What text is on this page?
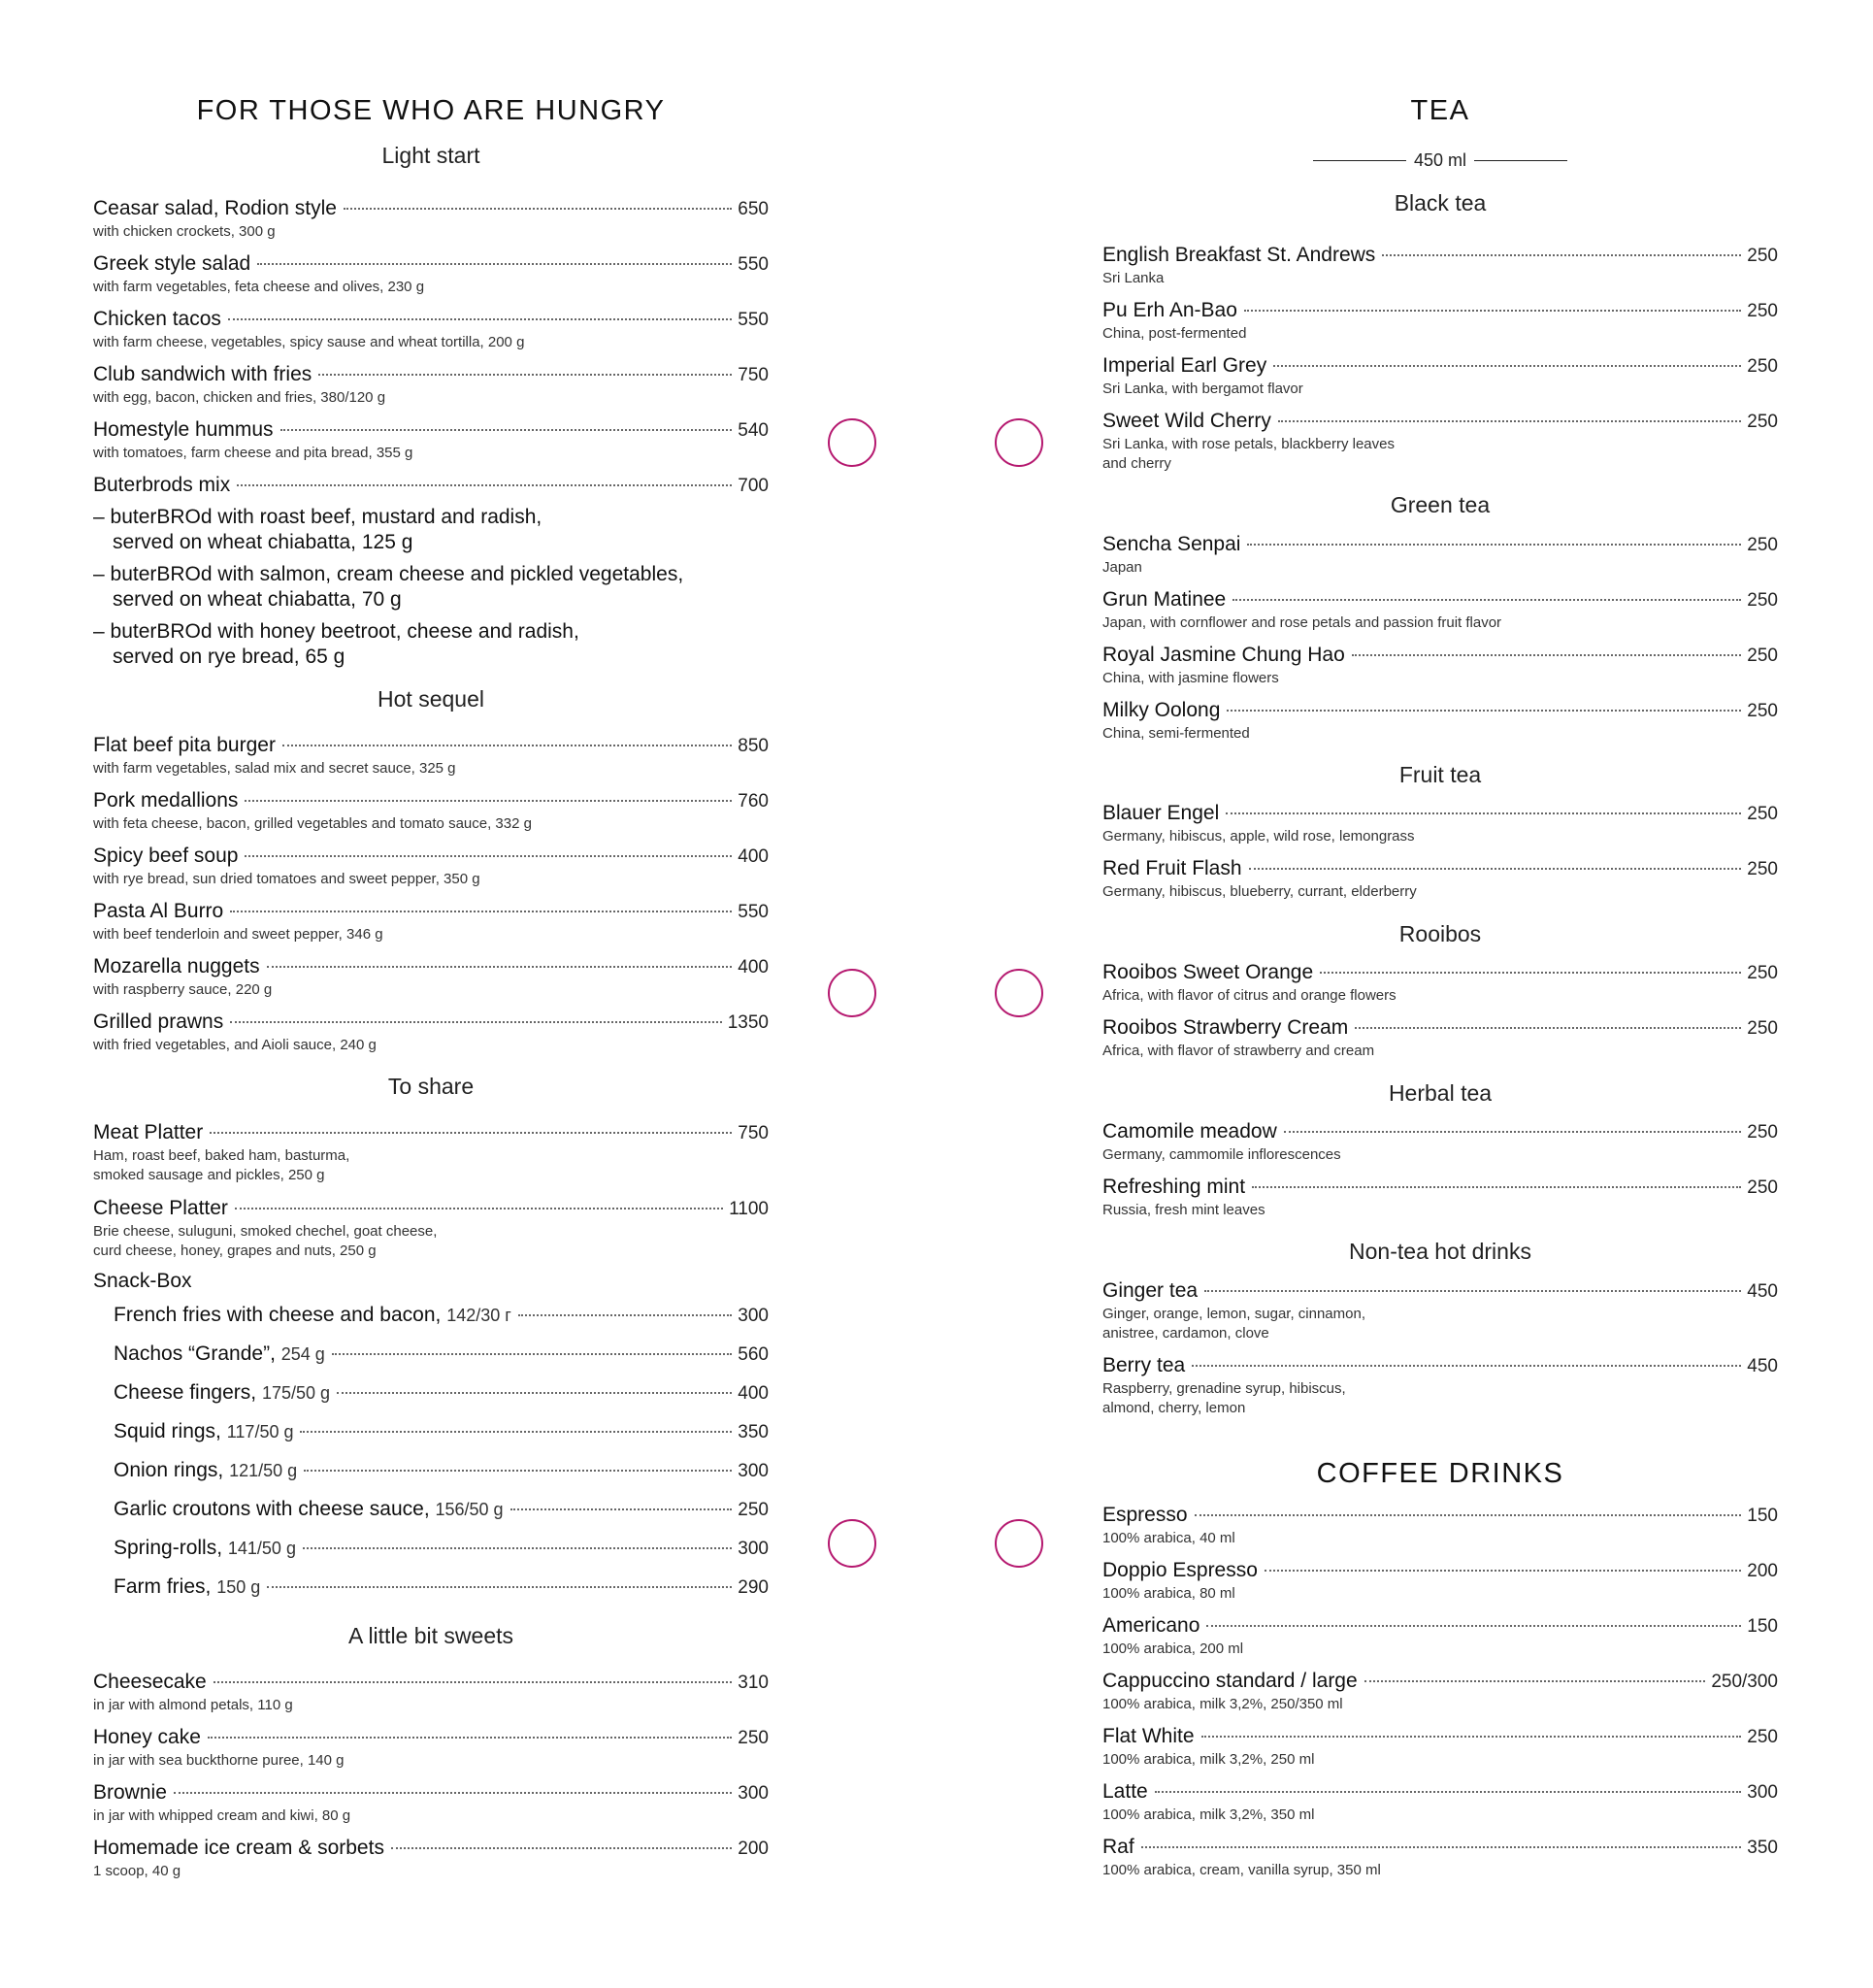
FOR THOSE WHO ARE HUNGRY
Light start
Ceasar salad, Rodion style	650
with chicken crockets, 300 g
Greek style salad	550
with farm vegetables, feta cheese and olives, 230 g
Chicken tacos	550
with farm cheese, vegetables, spicy sause and wheat tortilla, 200 g
Club sandwich with fries	750
with egg, bacon, chicken and fries, 380/120 g
Homestyle hummus	540
with tomatoes, farm cheese and pita bread, 355 g
Buterbrods mix	700
– buterBROd with roast beef, mustard and radish,
served on wheat chiabatta, 125 g
– buterBROd with salmon, cream cheese and pickled vegetables,
served on wheat chiabatta, 70 g
– buterBROd with honey beetroot, cheese and radish,
served on rye bread, 65 g
Hot sequel
Flat beef pita burger	850
with farm vegetables, salad mix and secret sauce, 325 g
Pork medallions	760
with feta cheese, bacon, grilled vegetables and tomato sauce, 332 g
Spicy beef soup	400
with rye bread, sun dried tomatoes and sweet pepper, 350 g
Pasta Al Burro	550
with beef tenderloin and sweet pepper, 346 g
Mozarella nuggets	400
with raspberry sauce, 220 g
Grilled prawns	1350
with fried vegetables, and Aioli sauce, 240 g
To share
Meat Platter	750
Ham, roast beef, baked ham, basturma,
smoked sausage and pickles, 250 g
Cheese Platter	1100
Brie cheese, suluguni, smoked chechel, goat cheese,
curd cheese, honey, grapes and nuts, 250 g
Snack-Box
French fries with cheese and bacon, 142/30 г	300
Nachos “Grande”, 254 g	560
Cheese fingers, 175/50 g	400
Squid rings, 117/50 g	350
Onion rings, 121/50 g	300
Garlic croutons with cheese sauce, 156/50 g	250
Spring-rolls, 141/50 g	300
Farm fries, 150 g	290
A little bit sweets
Cheesecake	310
in jar with almond petals, 110 g
Honey cake	250
in jar with sea buckthorne puree, 140 g
Brownie	300
in jar with whipped cream and kiwi, 80 g
Homemade ice cream & sorbets	200
1 scoop, 40 g
TEA
450 ml
Black tea
English Breakfast St. Andrews	250
Sri Lanka
Pu Erh An-Bao	250
China, post-fermented
Imperial Earl Grey	250
Sri Lanka, with bergamot flavor
Sweet Wild Cherry	250
Sri Lanka, with rose petals, blackberry leaves
and cherry
Green tea
Sencha Senpai	250
Japan
Grun Matinee	250
Japan, with cornflower and rose petals and passion fruit flavor
Royal Jasmine Chung Hao	250
China, with jasmine flowers
Milky Oolong	250
China, semi-fermented
Fruit tea
Blauer Engel	250
Germany, hibiscus, apple, wild rose, lemongrass
Red Fruit Flash	250
Germany, hibiscus, blueberry, currant, elderberry
Rooibos
Rooibos Sweet Orange	250
Africa, with flavor of citrus and orange flowers
Rooibos Strawberry Cream	250
Africa, with flavor of strawberry and cream
Herbal tea
Camomile meadow	250
Germany, cammomile inflorescences
Refreshing mint	250
Russia, fresh mint leaves
Non-tea hot drinks
Ginger tea	450
Ginger, orange, lemon, sugar, cinnamon,
anistree, cardamon, clove
Berry tea	450
Raspberry, grenadine syrup, hibiscus,
almond, cherry, lemon
COFFEE DRINKS
Espresso	150
100% arabica, 40 ml
Doppio Espresso	200
100% arabica, 80 ml
Americano	150
100% arabica, 200 ml
Cappuccino standard / large	250/300
100% arabica, milk 3,2%, 250/350 ml
Flat White	250
100% arabica, milk 3,2%, 250 ml
Latte	300
100% arabica, milk 3,2%, 350 ml
Raf	350
100% arabica, cream, vanilla syrup, 350 ml
